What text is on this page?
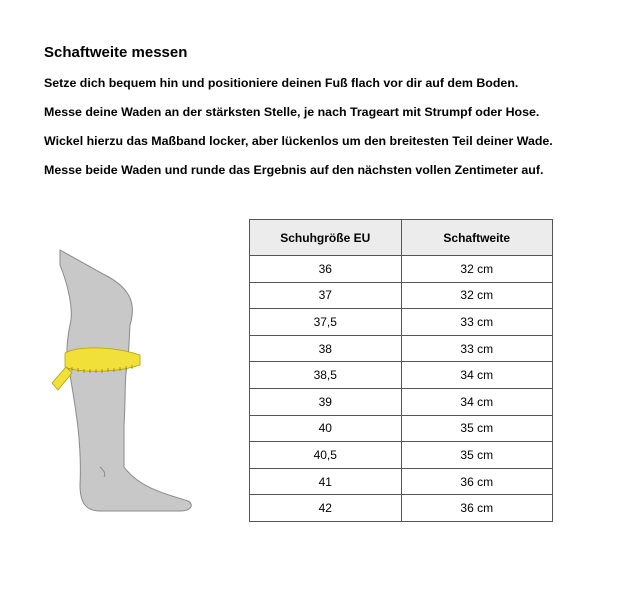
Schaftweite messen
Setze dich bequem hin und positioniere deinen Fuß flach vor dir auf dem Boden.
Messe deine Waden an der stärksten Stelle, je nach Trageart mit Strumpf oder Hose.
Wickel hierzu das Maßband locker, aber lückenlos um den breitesten Teil deiner Wade.
Messe beide Waden und runde das Ergebnis auf den nächsten vollen Zentimeter auf.
Schuhgröße EU	Schaftweite
36	32 cm
37	32 cm
37,5	33 cm
38	33 cm
38,5	34 cm
39	34 cm
40	35 cm
40,5	35 cm
41	36 cm
42	36 cm
